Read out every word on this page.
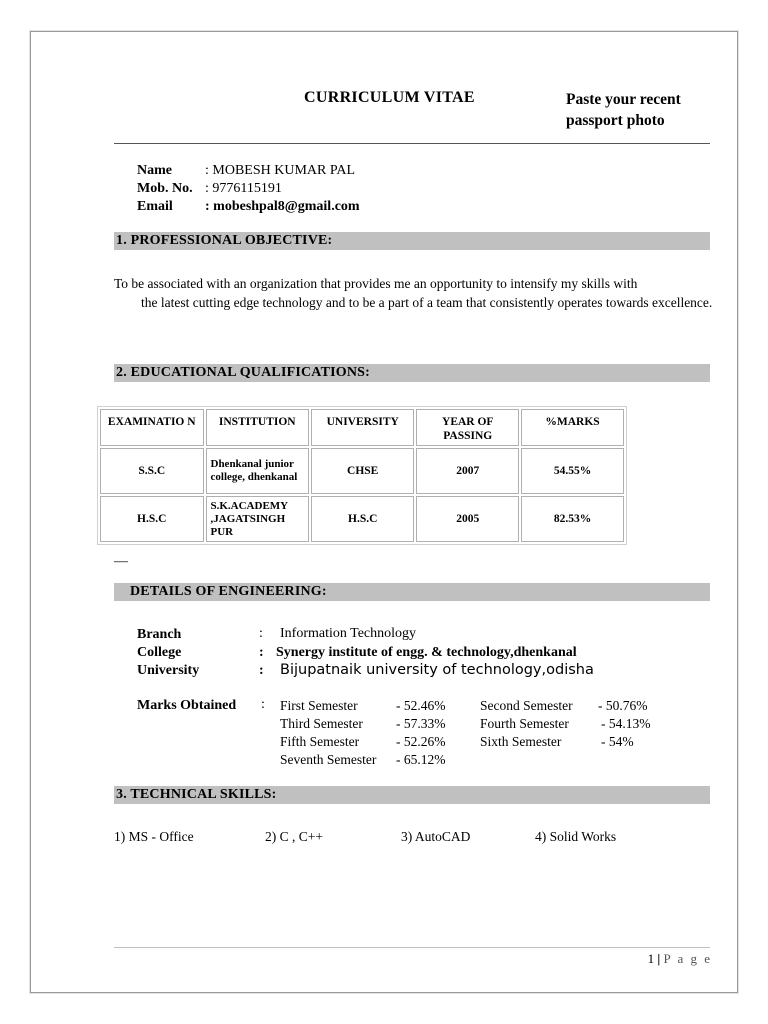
CURRICULUM VITAE	Paste your recent
passport photo
Name : MOBESH KUMAR PAL
Mob. No. : 9776115191
Email : mobeshpal8@gmail.com
1. PROFESSIONAL OBJECTIVE:
To be associated with an organization that provides me an opportunity to intensify my skills with
the latest cutting edge technology and to be a part of a team that consistently operates towards excellence.
2. EDUCATIONAL QUALIFICATIONS:
EXAMINATIO N	INSTITUTION	UNIVERSITY	YEAR OF PASSING	%MARKS
S.S.C	Dhenkanal junior college, dhenkanal	CHSE	2007	54.55%
H.S.C	S.K.ACADEMY ,JAGATSINGH PUR	H.S.C	2005	82.53%
—
DETAILS OF ENGINEERING:
Branch	: Information Technology
College	: Synergy institute of engg. & technology,dhenkanal
University	: Bijupatnaik university of technology,odisha
Marks Obtained : First Semester	- 52.46%	Second Semester - 50.76%
Third Semester - 57.33%	Fourth Semester - 54.13%
Fifth Semester	- 52.26%	Sixth Semester	- 54%
Seventh Semester - 65.12%
3. TECHNICAL SKILLS:
1) MS - Office	2) C , C++	3) AutoCAD	4) Solid Works
1 | P a g e
